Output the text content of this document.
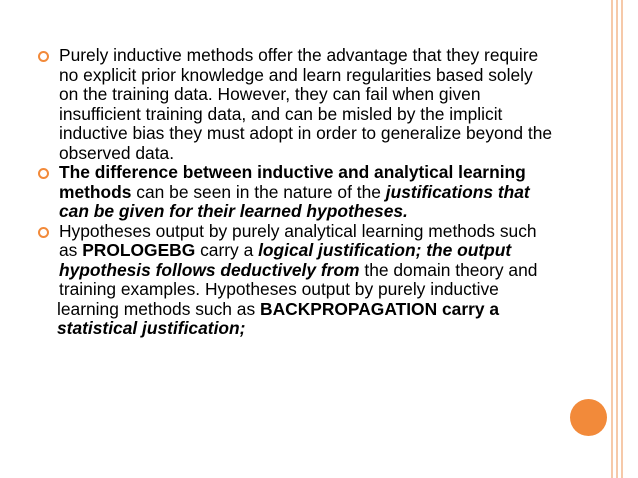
Purely inductive methods offer the advantage that they require no explicit prior knowledge and learn regularities based solely on the training data. However, they can fail when given insufficient training data, and can be misled by the implicit inductive bias they must adopt in order to generalize beyond the observed data.

The difference between inductive and analytical learning methods can be seen in the nature of the justifications that can be given for their learned hypotheses.

Hypotheses output by purely analytical learning methods such as PROLOGEBG carry a logical justification; the output hypothesis follows deductively from the domain theory and training examples. Hypotheses output by purely inductive

learning methods such as BACKPROPAGATION carry a statistical justification;
